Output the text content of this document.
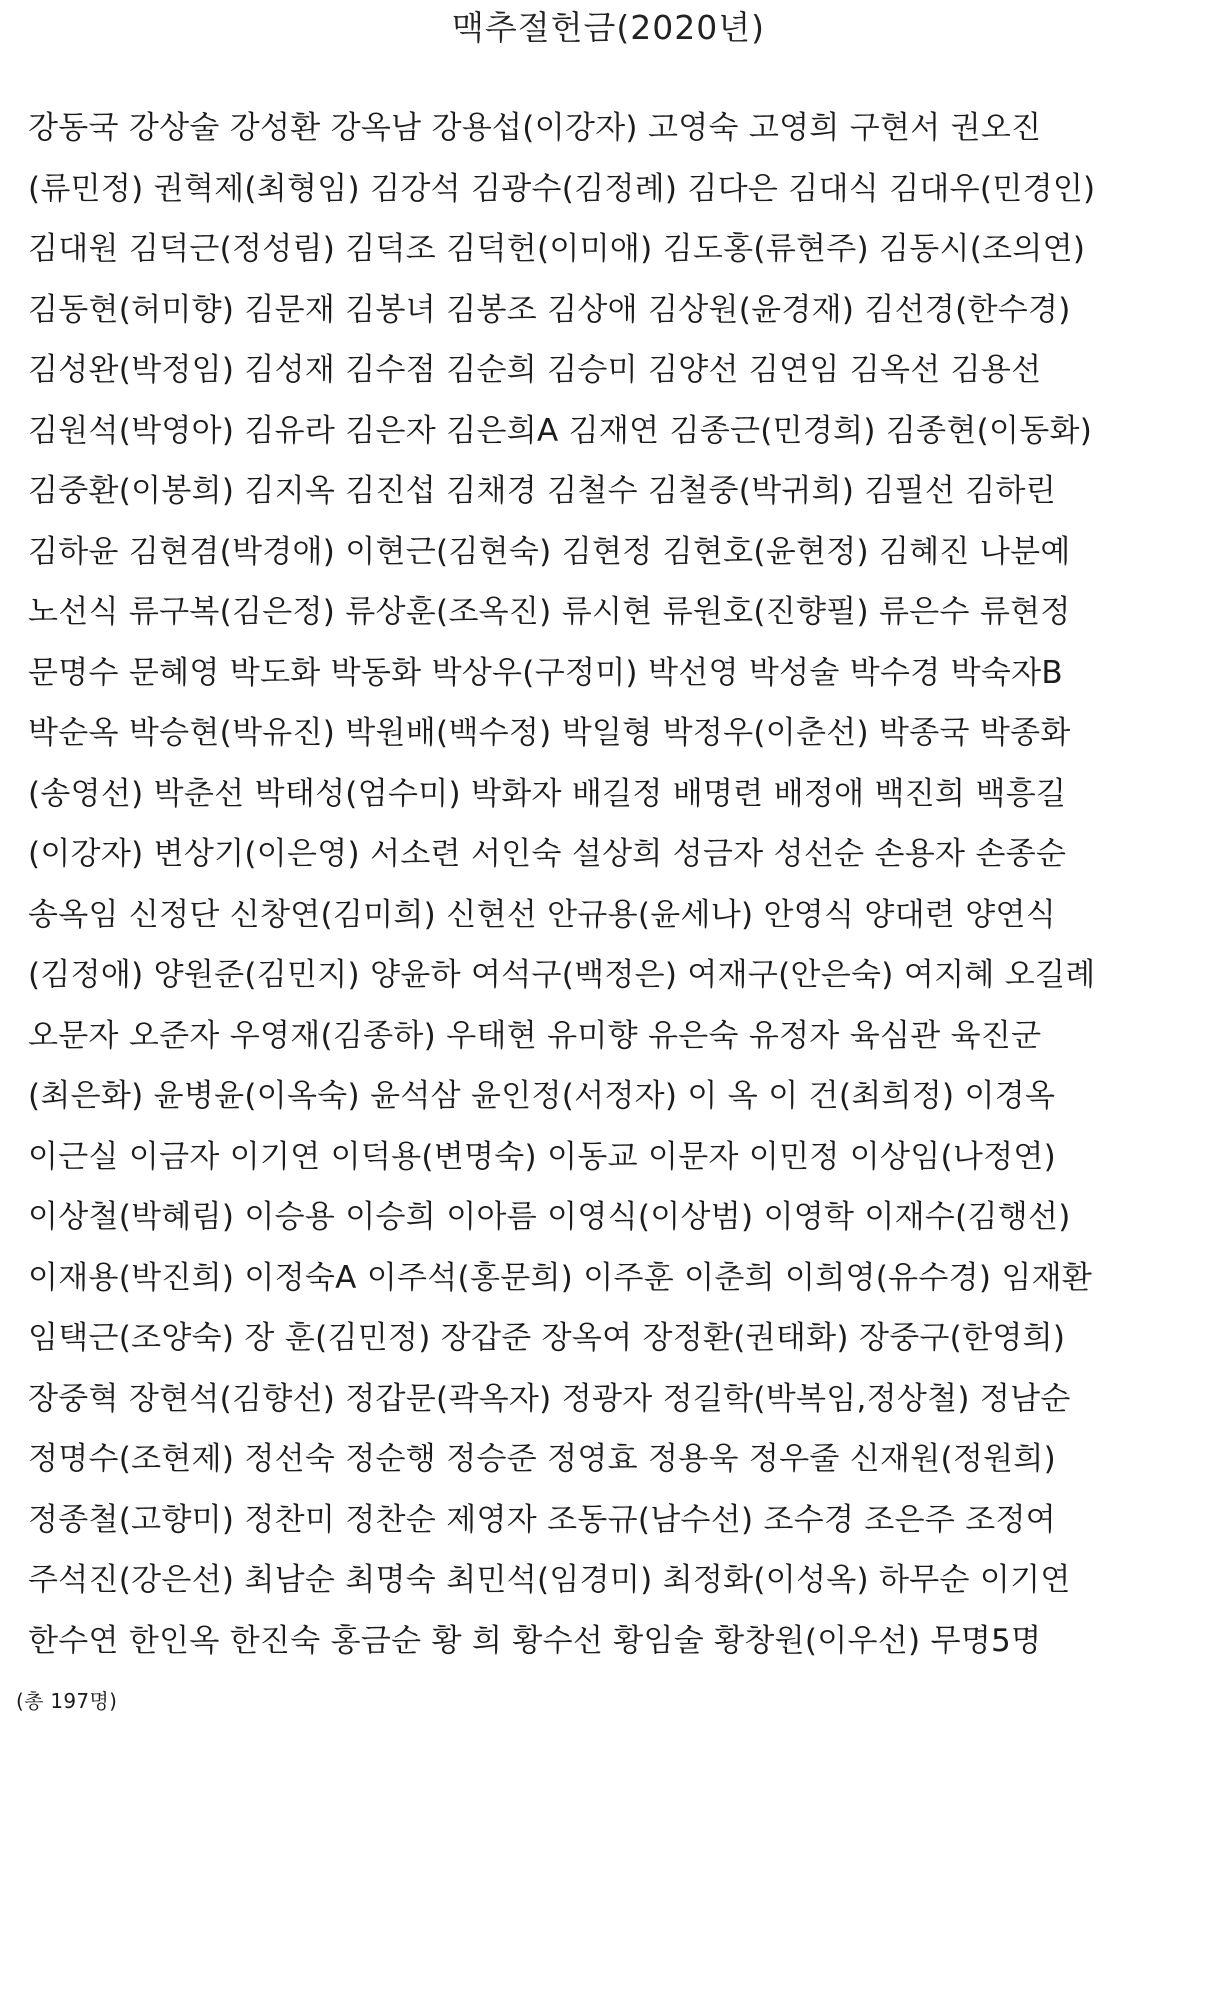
맥추절헌금(2020년)
강동국 강상술 강성환 강옥남 강용섭(이강자) 고영숙 고영희 구현서 권오진
(류민정) 권혁제(최형임) 김강석 김광수(김정례) 김다은 김대식 김대우(민경인)
김대원 김덕근(정성림) 김덕조 김덕헌(이미애) 김도홍(류현주) 김동시(조의연)
김동현(허미향) 김문재 김봉녀 김봉조 김상애 김상원(윤경재) 김선경(한수경)
김성완(박정임) 김성재 김수점 김순희 김승미 김양선 김연임 김옥선 김용선
김원석(박영아) 김유라 김은자 김은희A 김재연 김종근(민경희) 김종현(이동화)
김중환(이봉희) 김지옥 김진섭 김채경 김철수 김철중(박귀희) 김필선 김하린
김하윤 김현겸(박경애) 이현근(김현숙) 김현정 김현호(윤현정) 김혜진 나분예
노선식 류구복(김은정) 류상훈(조옥진) 류시현 류원호(진향필) 류은수 류현정
문명수 문혜영 박도화 박동화 박상우(구정미) 박선영 박성술 박수경 박숙자B
박순옥 박승현(박유진) 박원배(백수정) 박일형 박정우(이춘선) 박종국 박종화
(송영선) 박춘선 박태성(엄수미) 박화자 배길정 배명련 배정애 백진희 백흥길
(이강자) 변상기(이은영) 서소련 서인숙 설상희 성금자 성선순 손용자 손종순
송옥임 신정단 신창연(김미희) 신현선 안규용(윤세나) 안영식 양대련 양연식
(김정애) 양원준(김민지) 양윤하 여석구(백정은) 여재구(안은숙) 여지혜 오길례
오문자 오준자 우영재(김종하) 우태현 유미향 유은숙 유정자 육심관 육진군
(최은화) 윤병윤(이옥숙) 윤석삼 윤인정(서정자) 이 옥 이 건(최희정) 이경옥
이근실 이금자 이기연 이덕용(변명숙) 이동교 이문자 이민정 이상임(나정연)
이상철(박혜림) 이승용 이승희 이아름 이영식(이상범) 이영학 이재수(김행선)
이재용(박진희) 이정숙A 이주석(홍문희) 이주훈 이춘희 이희영(유수경) 임재환
임택근(조양숙) 장 훈(김민정) 장갑준 장옥여 장정환(권태화) 장중구(한영희)
장중혁 장현석(김향선) 정갑문(곽옥자) 정광자 정길학(박복임,정상철) 정남순
정명수(조현제) 정선숙 정순행 정승준 정영효 정용욱 정우줄 신재원(정원희)
정종철(고향미) 정찬미 정찬순 제영자 조동규(남수선) 조수경 조은주 조정여
주석진(강은선) 최남순 최명숙 최민석(임경미) 최정화(이성옥) 하무순 이기연
한수연 한인옥 한진숙 홍금순 황 희 황수선 황임술 황창원(이우선) 무명5명
(총 197명)
